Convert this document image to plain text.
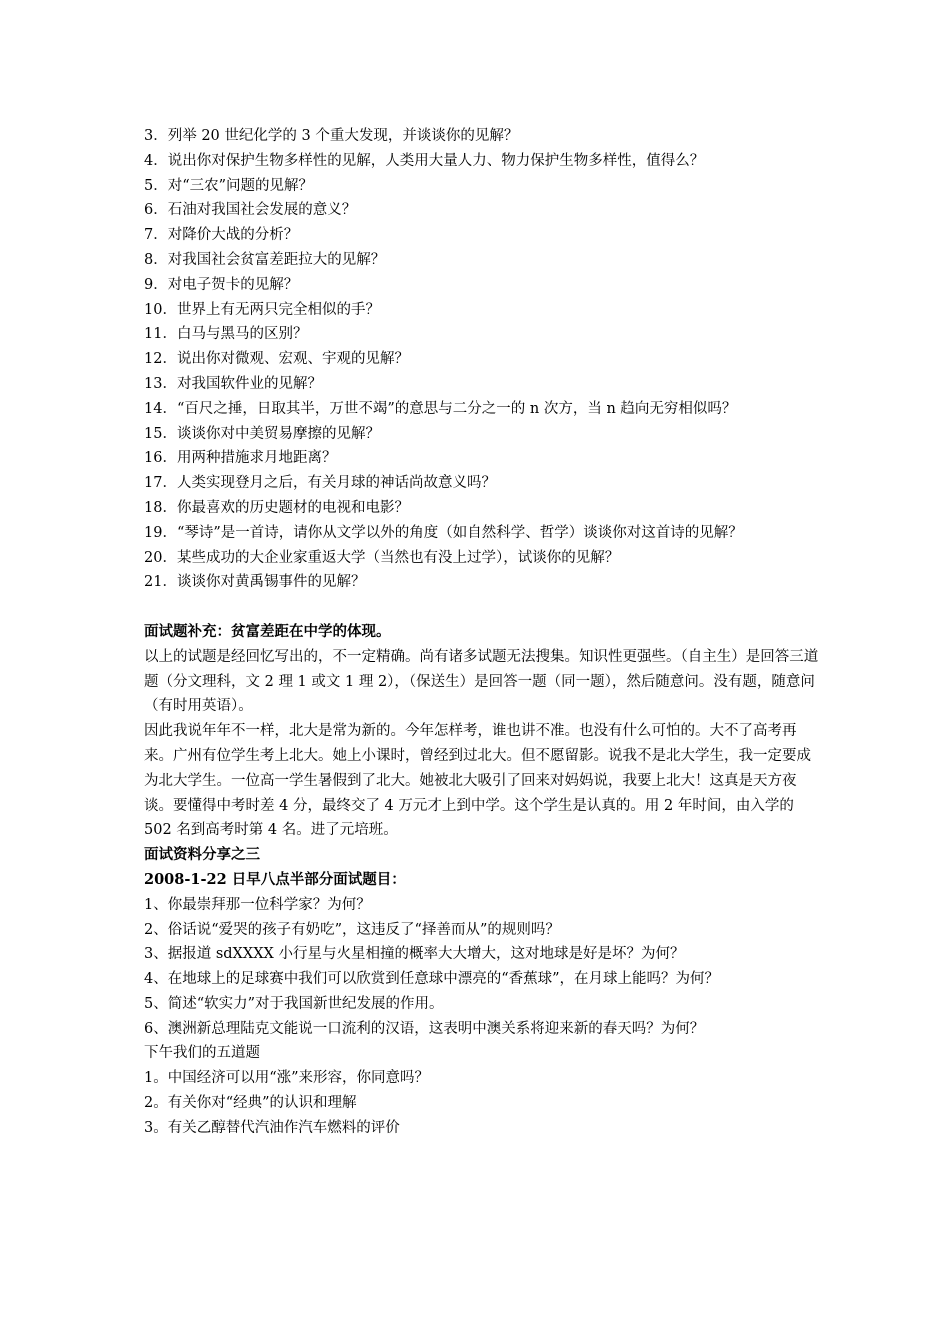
3．列举 20 世纪化学的 3 个重大发现，并谈谈你的见解？
4．说出你对保护生物多样性的见解，人类用大量人力、物力保护生物多样性，值得么？
5．对“三农”问题的见解？
6．石油对我国社会发展的意义？
7．对降价大战的分析？
8．对我国社会贫富差距拉大的见解？
9．对电子贺卡的见解？
10．世界上有无两只完全相似的手？
11．白马与黑马的区别？
12．说出你对微观、宏观、宇观的见解？
13．对我国软件业的见解？
14．“百尺之捶，日取其半，万世不竭”的意思与二分之一的 n 次方，当 n 趋向无穷相似吗？
15．谈谈你对中美贸易摩擦的见解？
16．用两种措施求月地距离？
17．人类实现登月之后，有关月球的神话尚故意义吗？
18．你最喜欢的历史题材的电视和电影？
19．“琴诗”是一首诗，请你从文学以外的角度（如自然科学、哲学）谈谈你对这首诗的见解？
20．某些成功的大企业家重返大学（当然也有没上过学），试谈你的见解？
21．谈谈你对黄禹锡事件的见解？
面试题补充：贫富差距在中学的体现。
以上的试题是经回忆写出的，不一定精确。尚有诸多试题无法搜集。知识性更强些。（自主生）是回答三道题（分文理科，文 2 理 1 或文 1 理 2），（保送生）是回答一题（同一题），然后随意问。没有题，随意问（有时用英语）。
因此我说年年不一样，北大是常为新的。今年怎样考，谁也讲不准。也没有什么可怕的。大不了高考再来。广州有位学生考上北大。她上小课时，曾经到过北大。但不愿留影。说我不是北大学生，我一定要成为北大学生。一位高一学生暑假到了北大。她被北大吸引了回来对妈妈说，我要上北大！这真是天方夜谈。要懂得中考时差 4 分，最终交了 4 万元才上到中学。这个学生是认真的。用 2 年时间，由入学的 502 名到高考时第 4 名。进了元培班。
面试资料分享之三
2008-1-22 日早八点半部分面试题目：
1、你最崇拜那一位科学家？为何？
2、俗话说“爱哭的孩子有奶吃”，这违反了“择善而从”的规则吗？
3、据报道 sdXXXX 小行星与火星相撞的概率大大增大，这对地球是好是坏？为何？
4、在地球上的足球赛中我们可以欣赏到任意球中漂亮的“香蕉球”，在月球上能吗？为何？
5、简述“软实力”对于我国新世纪发展的作用。
6、澳洲新总理陆克文能说一口流利的汉语，这表明中澳关系将迎来新的春天吗？为何？
下午我们的五道题
1。中国经济可以用“涨”来形容，你同意吗？
2。有关你对“经典”的认识和理解
3。有关乙醇替代汽油作汽车燃料的评价
